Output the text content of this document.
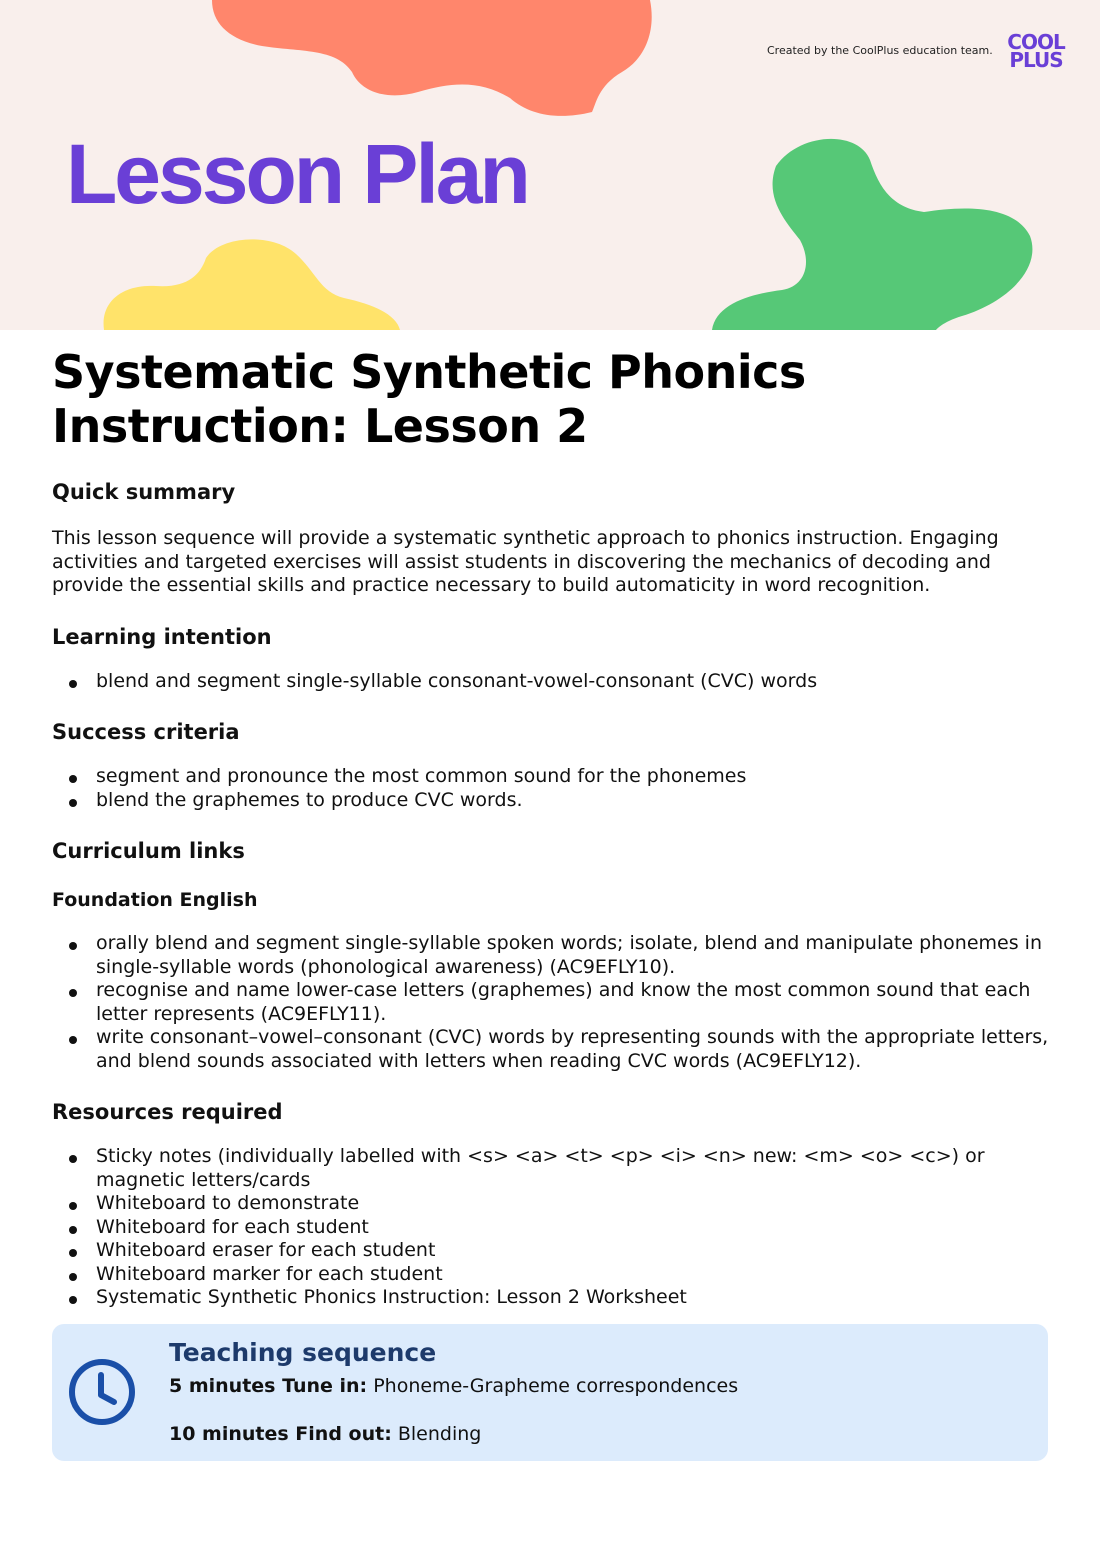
Created by the CoolPlus education team. COOL
PLUS
Lesson Plan
Systematic Synthetic Phonics Instruction: Lesson 2
Quick summary

This lesson sequence will provide a systematic synthetic approach to phonics instruction. Engaging activities and targeted exercises will assist students in discovering the mechanics of decoding and provide the essential skills and practice necessary to build automaticity in word recognition.

Learning intention
blend and segment single-syllable consonant-vowel-consonant (CVC) words
Success criteria
segment and pronounce the most common sound for the phonemes
blend the graphemes to produce CVC words.
Curriculum links
Foundation English
orally blend and segment single-syllable spoken words; isolate, blend and manipulate phonemes in single-syllable words (phonological awareness) (AC9EFLY10).
recognise and name lower-case letters (graphemes) and know the most common sound that each letter represents (AC9EFLY11).
write consonant–vowel–consonant (CVC) words by representing sounds with the appropriate letters, and blend sounds associated with letters when reading CVC words (AC9EFLY12).
Resources required
Sticky notes (individually labelled with <s> <a> <t> <p> <i> <n> new: <m> <o> <c>) or magnetic letters/cards
Whiteboard to demonstrate
Whiteboard for each student
Whiteboard eraser for each student
Whiteboard marker for each student
Systematic Synthetic Phonics Instruction: Lesson 2 Worksheet
Teaching sequence
5 minutes Tune in: Phoneme-Grapheme correspondences
10 minutes Find out: Blending
